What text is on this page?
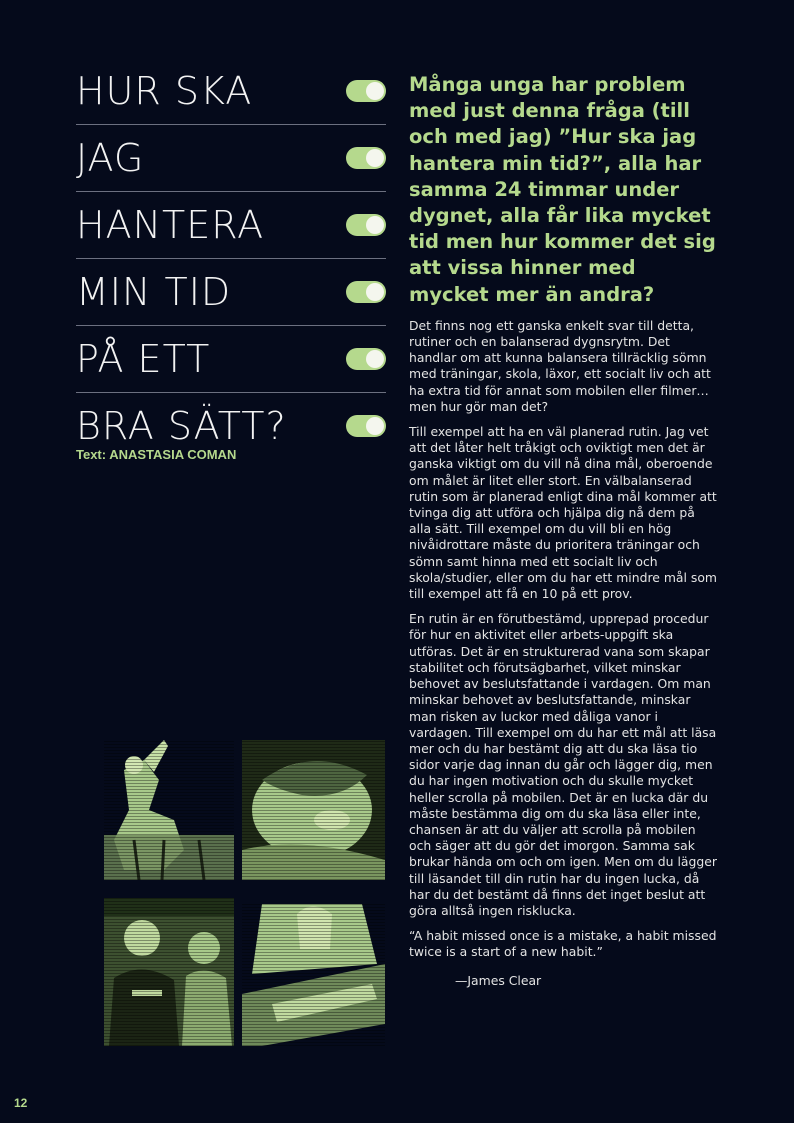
HUR SKA
JAG
HANTERA
MIN TID
PÅ ETT
BRA SÄTT?
Text: ANASTASIA COMAN

Många unga har problem med just denna fråga (till och med jag) ”Hur ska jag hantera min tid?”, alla har samma 24 timmar under dygnet, alla får lika mycket tid men hur kommer det sig att vissa hinner med mycket mer än andra?

Det finns nog ett ganska enkelt svar till detta, rutiner och en balanserad dygnsrytm. Det handlar om att kunna balansera tillräcklig sömn med träningar, skola, läxor, ett socialt liv och att ha extra tid för annat som mobilen eller filmer… men hur gör man det?

Till exempel att ha en väl planerad rutin. Jag vet att det låter helt tråkigt och oviktigt men det är ganska viktigt om du vill nå dina mål, oberoende om målet är litet eller stort. En välbalanserad rutin som är planerad enligt dina mål kommer att tvinga dig att utföra och hjälpa dig nå dem på alla sätt. Till exempel om du vill bli en hög nivåidrottare måste du prioritera träningar och sömn samt hinna med ett socialt liv och skola/studier, eller om du har ett mindre mål som till exempel att få en 10 på ett prov.

En rutin är en förutbestämd, upprepad procedur för hur en aktivitet eller arbets-uppgift ska utföras. Det är en strukturerad vana som skapar stabilitet och förutsägbarhet, vilket minskar behovet av beslutsfattande i vardagen. Om man minskar behovet av beslutsfattande, minskar man risken av luckor med dåliga vanor i vardagen. Till exempel om du har ett mål att läsa mer och du har bestämt dig att du ska läsa tio sidor varje dag innan du går och lägger dig, men du har ingen motivation och du skulle mycket heller scrolla på mobilen. Det är en lucka där du måste bestämma dig om du ska läsa eller inte, chansen är att du väljer att scrolla på mobilen och säger att du gör det imorgon. Samma sak brukar hända om och om igen. Men om du lägger till läsandet till din rutin har du ingen lucka, då har du det bestämt då finns det inget beslut att göra alltså ingen risklucka.

“A habit missed once is a mistake, a habit missed twice is a start of a new habit.”

—James Clear
12
